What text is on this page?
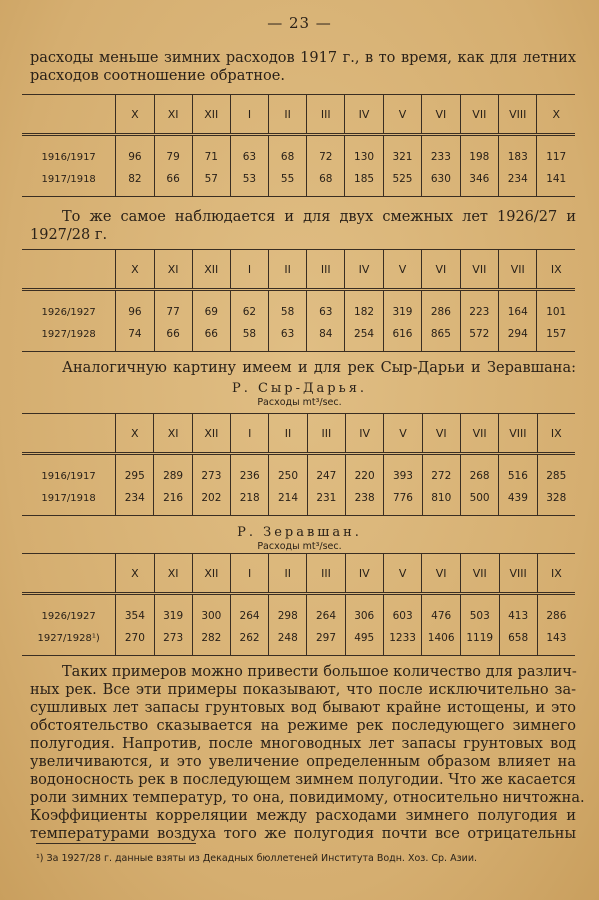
— 23 —
расходы меньше зимних расходов 1917 г., в то время, как для летних
расходов соотношение обратное.
	X	XI	XII	I	II	III	IV	V	VI	VII	VIII	X
1916/1917	96	79	71	63	68	72	130	321	233	198	183	117
1917/1918	82	66	57	53	55	68	185	525	630	346	234	141
То же самое наблюдается и для двух смежных лет 1926/27 и
1927/28 г.
	X	XI	XII	I	II	III	IV	V	VI	VII	VII	IX
1926/1927	96	77	69	62	58	63	182	319	286	223	164	101
1927/1928	74	66	66	58	63	84	254	616	865	572	294	157
Аналогичную картину имеем и для рек Сыр-Дарьи и Зеравшана:
Р. Сыр-Дарья.
Расходы mt³/sec.
	X	XI	XII	I	II	III	IV	V	VI	VII	VIII	IX
1916/1917	295	289	273	236	250	247	220	393	272	268	516	285
1917/1918	234	216	202	218	214	231	238	776	810	500	439	328
Р. Зеравшан.
Расходы mt³/sec.
	X	XI	XII	I	II	III	IV	V	VI	VII	VIII	IX
1926/1927	354	319	300	264	298	264	306	603	476	503	413	286
1927/1928¹)	270	273	282	262	248	297	495	1233	1406	1119	658	143
Таких примеров можно привести большое количество для различ-
ных рек. Все эти примеры показывают, что после исключительно за-
сушливых лет запасы грунтовых вод бывают крайне истощены, и это
обстоятельство сказывается на режиме рек последующего зимнего
полугодия. Напротив, после многоводных лет запасы грунтовых вод
увеличиваются, и это увеличение определенным образом влияет на
водоносность рек в последующем зимнем полугодии. Что же касается
роли зимних температур, то она, повидимому, относительно ничтожна.
Коэффициенты корреляции между расходами зимнего полугодия и
температурами воздуха того же полугодия почти все отрицательны
¹) За 1927/28 г. данные взяты из Декадных бюллетеней Института Водн. Хоз. Ср. Азии.
